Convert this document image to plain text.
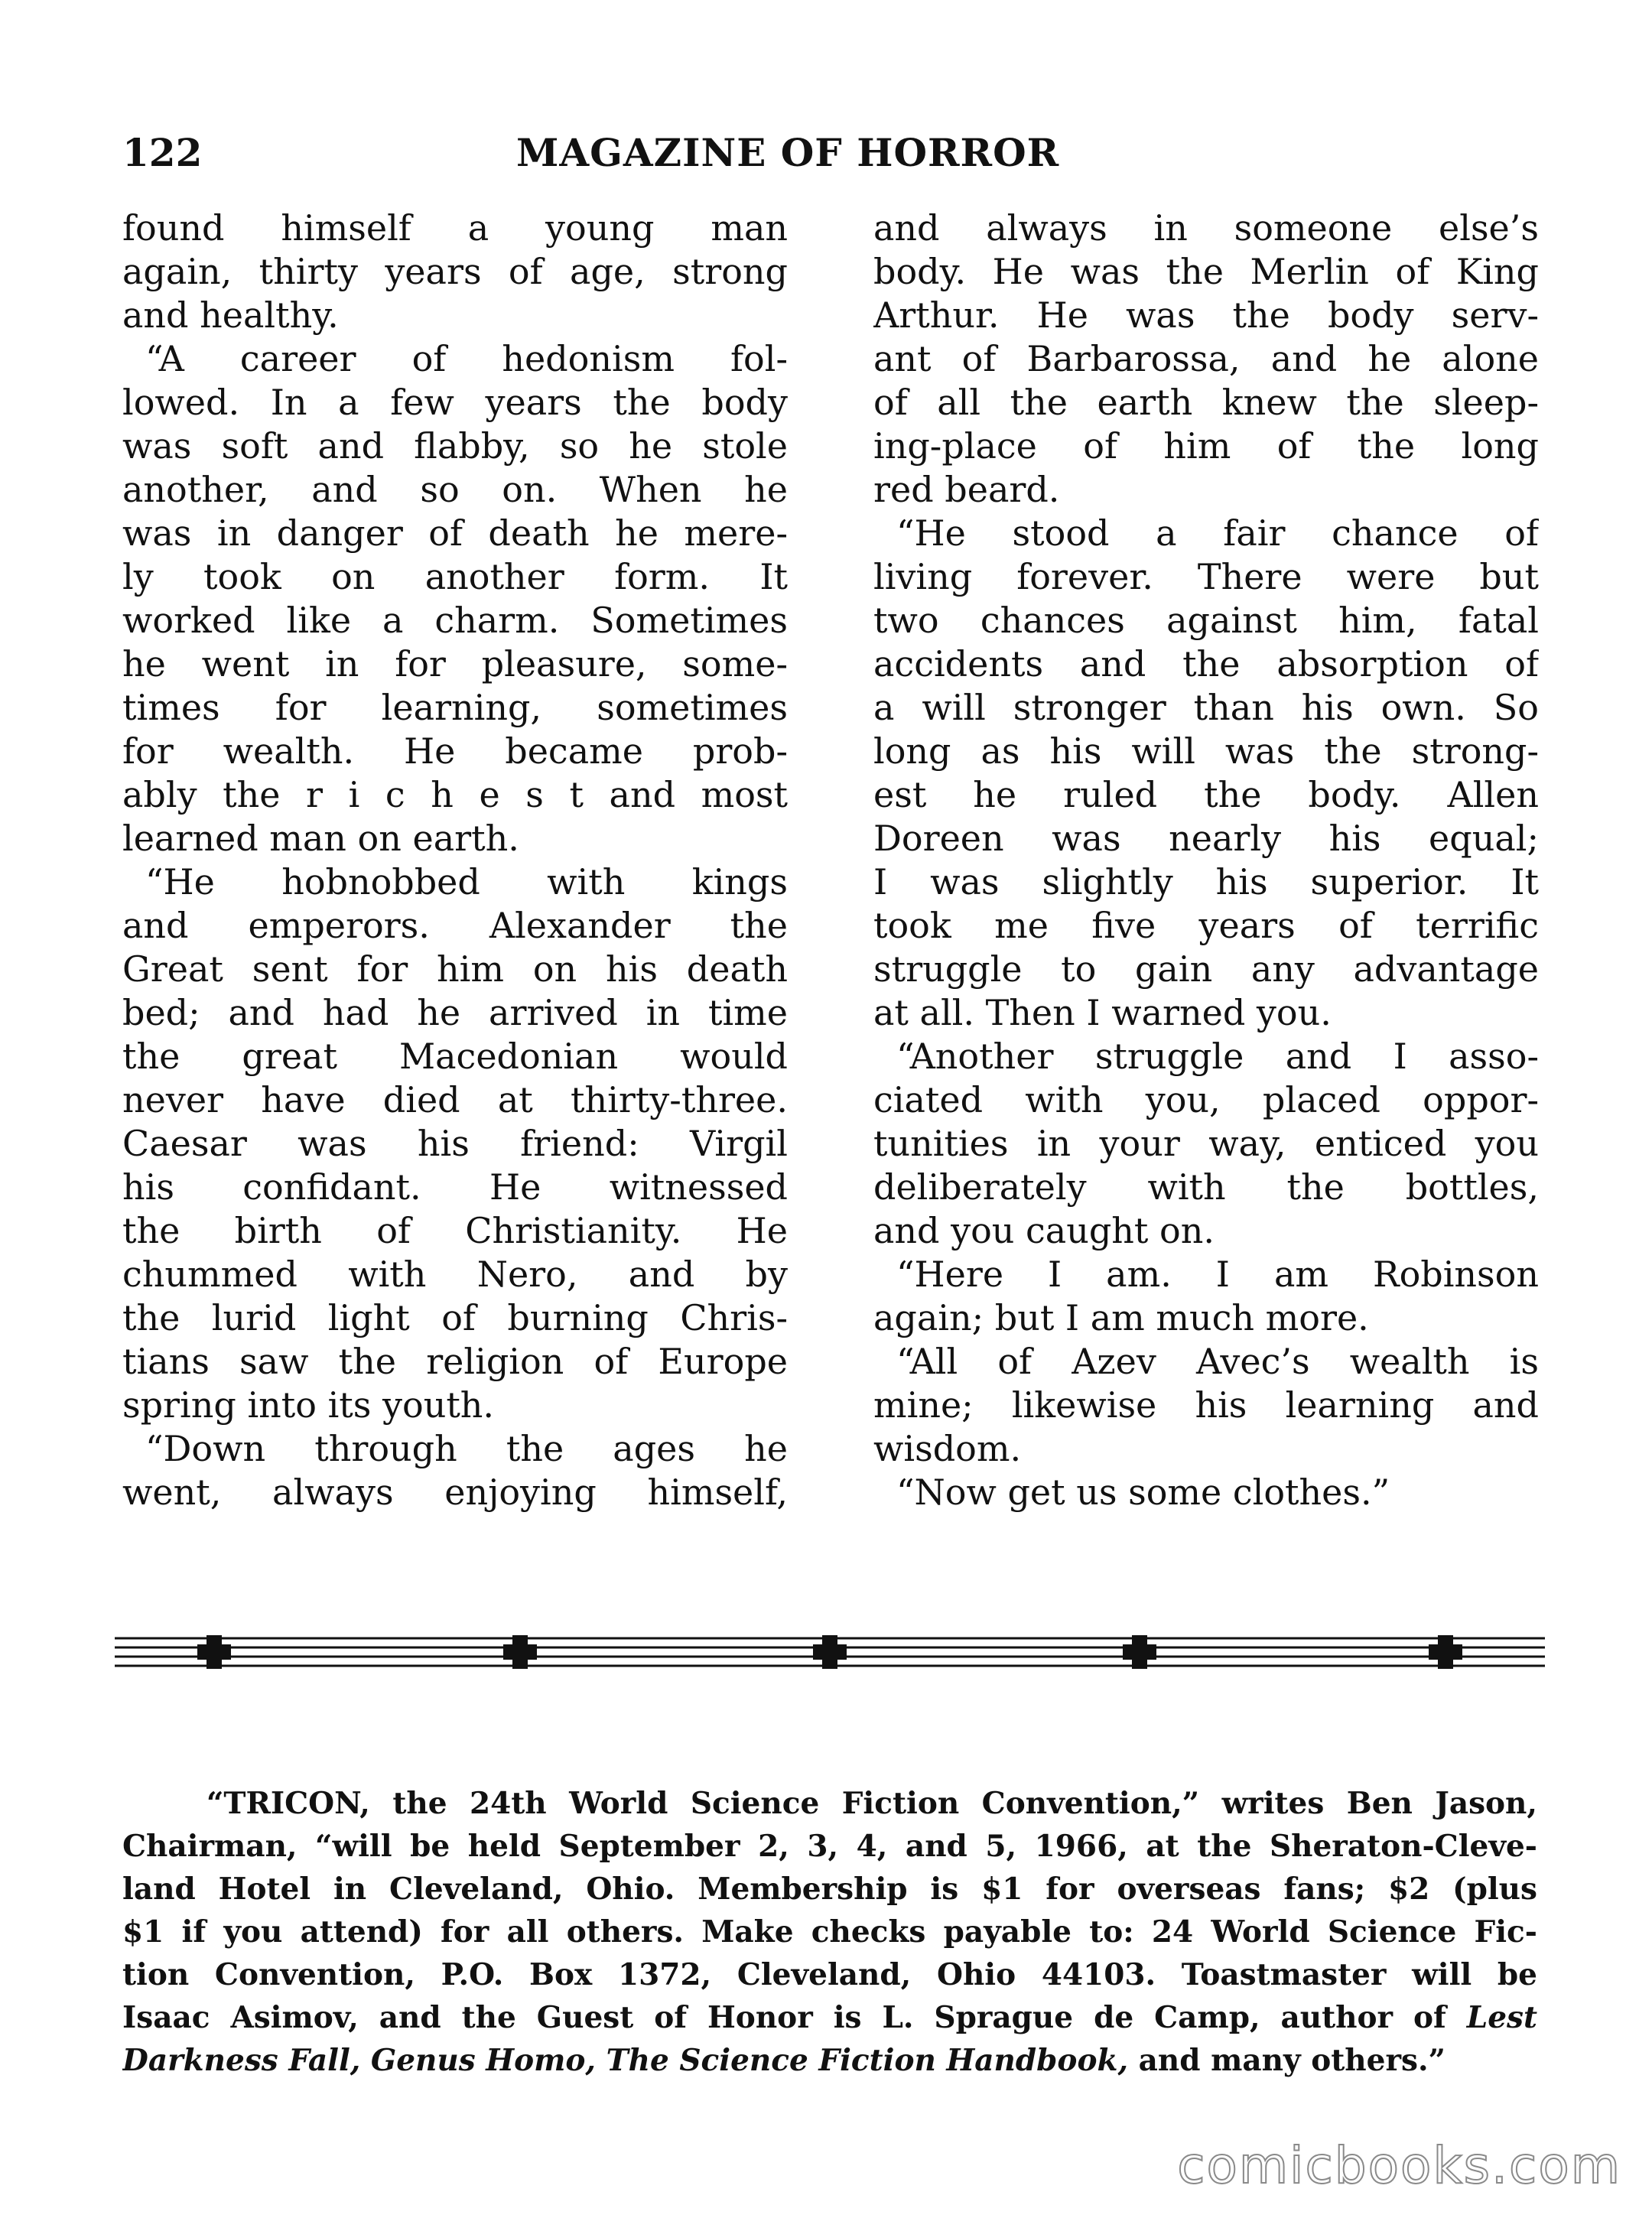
122	MAGAZINE OF HORROR
found himself a young man
again, thirty years of age, strong
and healthy.
“A career of hedonism fol-
lowed. In a few years the body
was soft and flabby, so he stole
another, and so on. When he
was in danger of death he mere-
ly took on another form. It
worked like a charm. Sometimes
he went in for pleasure, some-
times for learning, sometimes
for wealth. He became prob-
ably the r i c h e s t and most
learned man on earth.
“He hobnobbed with kings
and emperors. Alexander the
Great sent for him on his death
bed; and had he arrived in time
the great Macedonian would
never have died at thirty-three.
Caesar was his friend: Virgil
his confidant. He witnessed
the birth of Christianity. He
chummed with Nero, and by
the lurid light of burning Chris-
tians saw the religion of Europe
spring into its youth.
“Down through the ages he
went, always enjoying himself,
and always in someone else’s
body. He was the Merlin of King
Arthur. He was the body serv-
ant of Barbarossa, and he alone
of all the earth knew the sleep-
ing-place of him of the long
red beard.
“He stood a fair chance of
living forever. There were but
two chances against him, fatal
accidents and the absorption of
a will stronger than his own. So
long as his will was the strong-
est he ruled the body. Allen
Doreen was nearly his equal;
I was slightly his superior. It
took me five years of terrific
struggle to gain any advantage
at all. Then I warned you.
“Another struggle and I asso-
ciated with you, placed oppor-
tunities in your way, enticed you
deliberately with the bottles,
and you caught on.
“Here I am. I am Robinson
again; but I am much more.
“All of Azev Avec’s wealth is
mine; likewise his learning and
wisdom.
“Now get us some clothes.”
“TRICON, the 24th World Science Fiction Convention,” writes Ben Jason,
Chairman, “will be held September 2, 3, 4, and 5, 1966, at the Sheraton-Cleve-
land Hotel in Cleveland, Ohio. Membership is $1 for overseas fans; $2 (plus
$1 if you attend) for all others. Make checks payable to: 24 World Science Fic-
tion Convention, P.O. Box 1372, Cleveland, Ohio 44103. Toastmaster will be
Isaac Asimov, and the Guest of Honor is L. Sprague de Camp, author of Lest
Darkness Fall, Genus Homo, The Science Fiction Handbook, and many others.”
comicbooks.com
